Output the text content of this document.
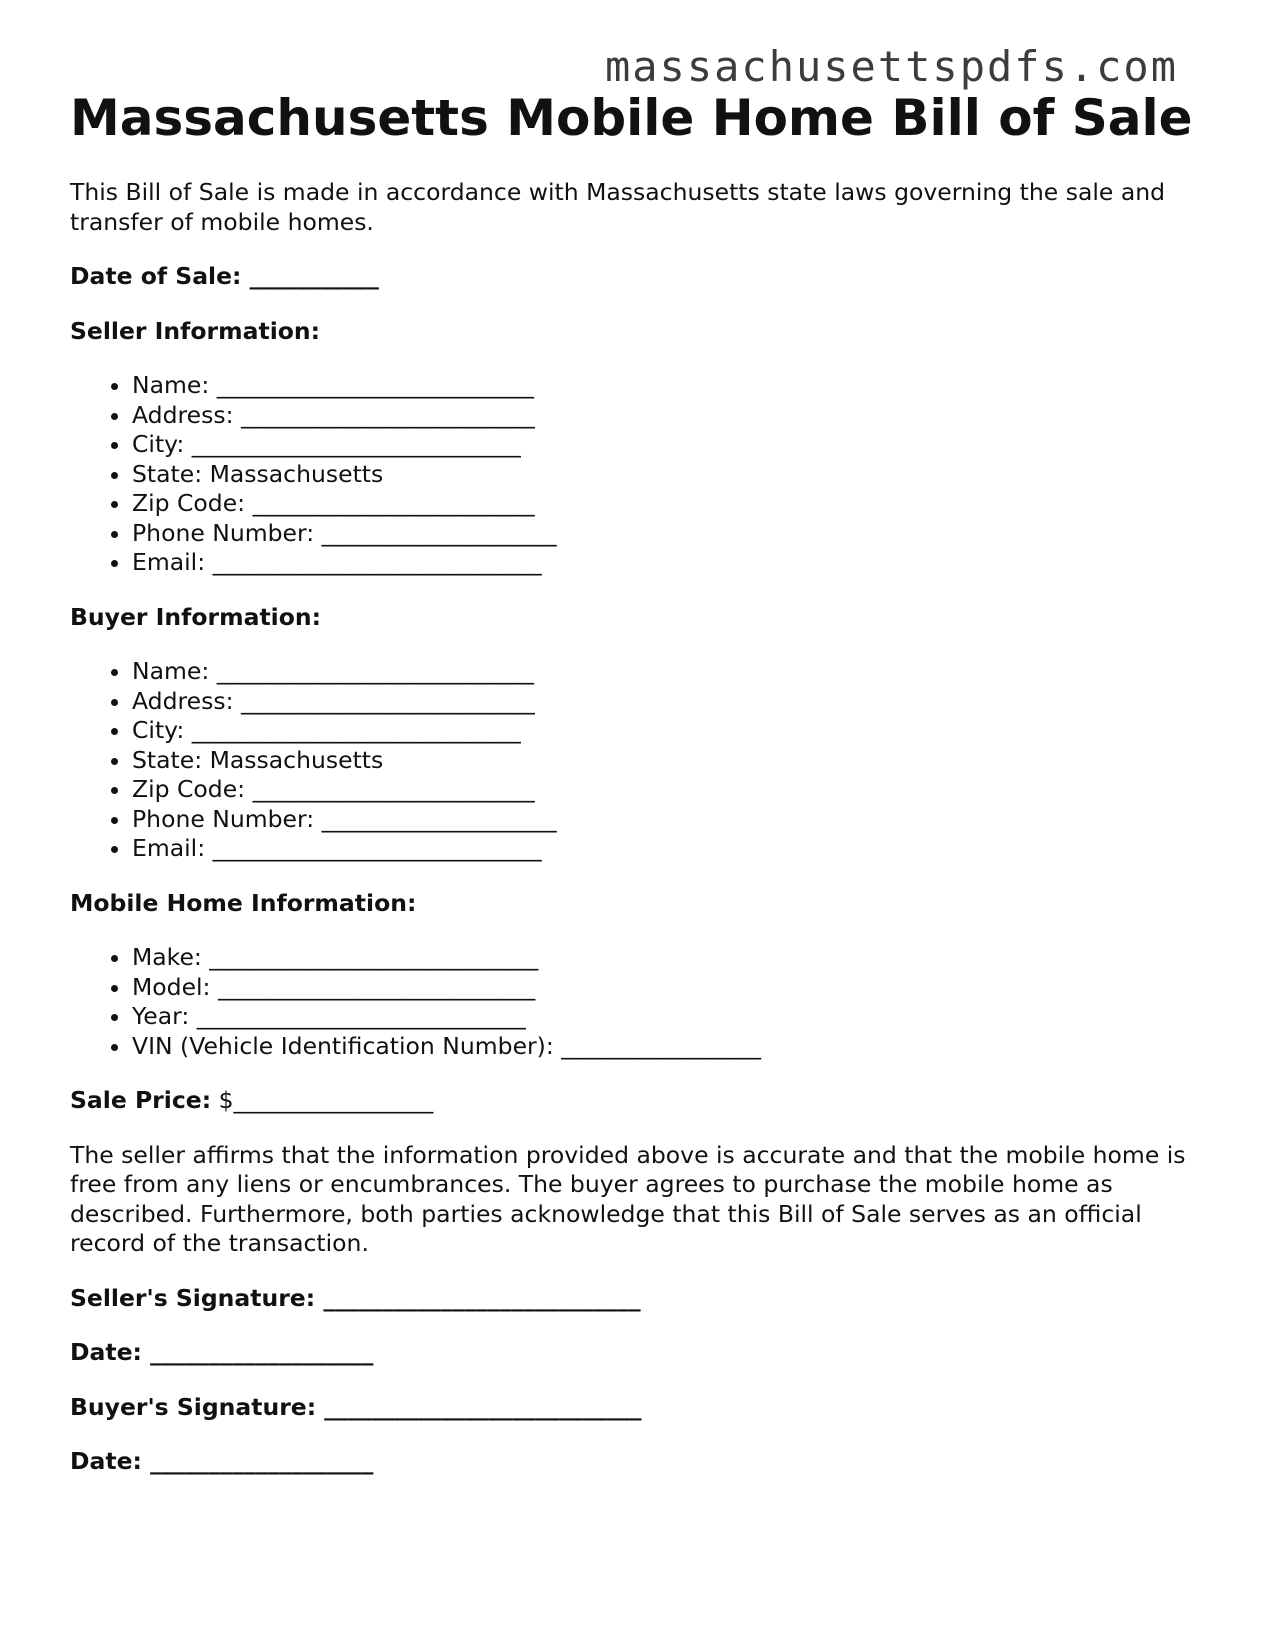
massachusettspdfs.com
Massachusetts Mobile Home Bill of Sale

This Bill of Sale is made in accordance with Massachusetts state laws governing the sale and transfer of mobile homes.

Date of Sale: ___________

Seller Information:

• Name: ___________________________
• Address: _________________________
• City: ____________________________
• State: Massachusetts
• Zip Code: ________________________
• Phone Number: ____________________
• Email: ____________________________

Buyer Information:

• Name: ___________________________
• Address: _________________________
• City: ____________________________
• State: Massachusetts
• Zip Code: ________________________
• Phone Number: ____________________
• Email: ____________________________

Mobile Home Information:

• Make: ____________________________
• Model: ___________________________
• Year: ____________________________
• VIN (Vehicle Identification Number): _________________

Sale Price: $_________________

The seller affirms that the information provided above is accurate and that the mobile home is free from any liens or encumbrances. The buyer agrees to purchase the mobile home as described. Furthermore, both parties acknowledge that this Bill of Sale serves as an official record of the transaction.

Seller's Signature: ___________________________

Date: ___________________

Buyer's Signature: ___________________________

Date: ___________________
